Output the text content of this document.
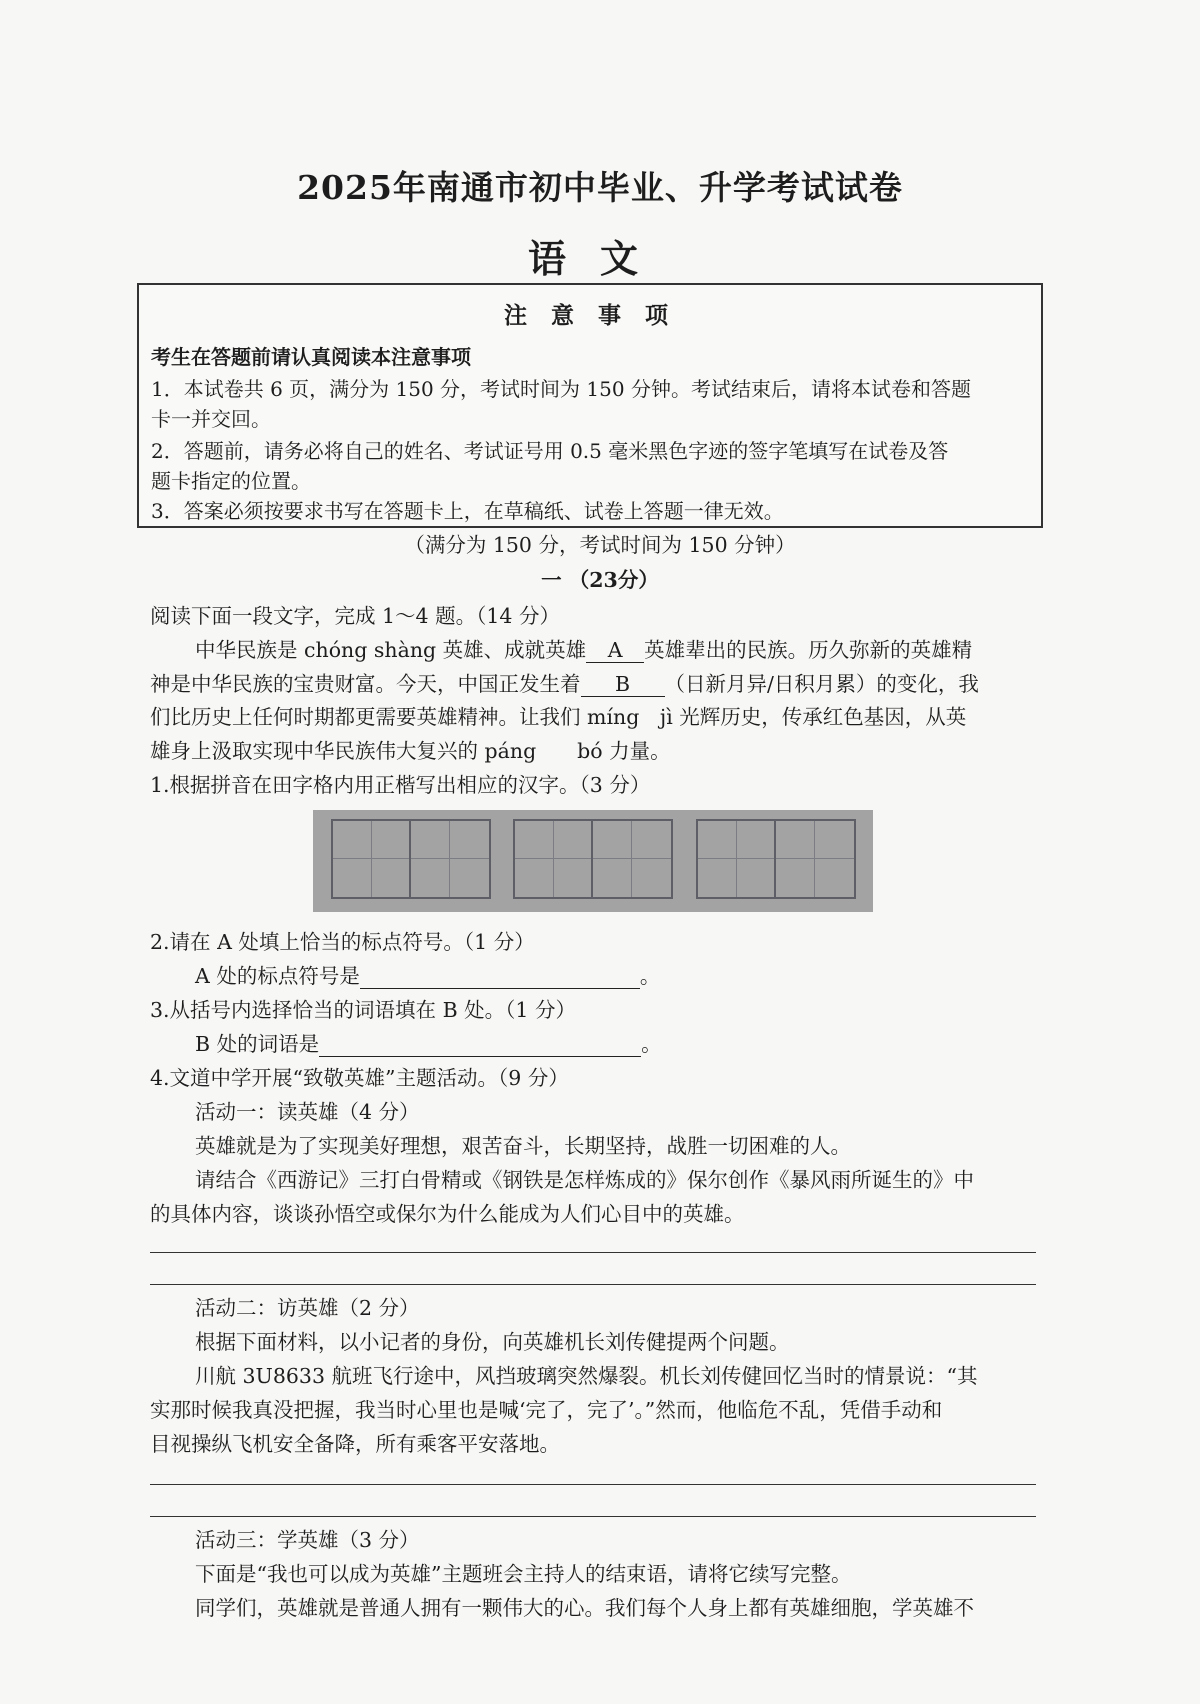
2025年南通市初中毕业、升学考试试卷
语文
注 意 事 项
考生在答题前请认真阅读本注意事项
1．本试卷共 6 页，满分为 150 分，考试时间为 150 分钟。考试结束后，请将本试卷和答题
卡一并交回。
2．答题前，请务必将自己的姓名、考试证号用 0.5 毫米黑色字迹的签字笔填写在试卷及答
题卡指定的位置。
3．答案必须按要求书写在答题卡上，在草稿纸、试卷上答题一律无效。
（满分为 150 分，考试时间为 150 分钟）
一 （23分）
阅读下面一段文字，完成 1～4 题。（14 分）
中华民族是 chóng shàng 英雄、成就英雄 A 英雄辈出的民族。历久弥新的英雄精
神是中华民族的宝贵财富。今天，中国正发生着 B （日新月异/日积月累）的变化，我
们比历史上任何时期都更需要英雄精神。让我们 míng　jì 光辉历史，传承红色基因，从英
雄身上汲取实现中华民族伟大复兴的 páng　　bó 力量。
1.根据拼音在田字格内用正楷写出相应的汉字。（3 分）
2.请在 A 处填上恰当的标点符号。（1 分）
A 处的标点符号是	。
3.从括号内选择恰当的词语填在 B 处。（1 分）
B 处的词语是	。
4.文道中学开展“致敬英雄”主题活动。（9 分）
活动一：读英雄（4 分）
英雄就是为了实现美好理想，艰苦奋斗，长期坚持，战胜一切困难的人。
请结合《西游记》三打白骨精或《钢铁是怎样炼成的》保尔创作《暴风雨所诞生的》中
的具体内容，谈谈孙悟空或保尔为什么能成为人们心目中的英雄。
活动二：访英雄（2 分）
根据下面材料，以小记者的身份，向英雄机长刘传健提两个问题。
川航 3U8633 航班飞行途中，风挡玻璃突然爆裂。机长刘传健回忆当时的情景说：“其
实那时候我真没把握，我当时心里也是喊‘完了，完了’。”然而，他临危不乱，凭借手动和
目视操纵飞机安全备降，所有乘客平安落地。
活动三：学英雄（3 分）
下面是“我也可以成为英雄”主题班会主持人的结束语，请将它续写完整。
同学们，英雄就是普通人拥有一颗伟大的心。我们每个人身上都有英雄细胞，学英雄不
